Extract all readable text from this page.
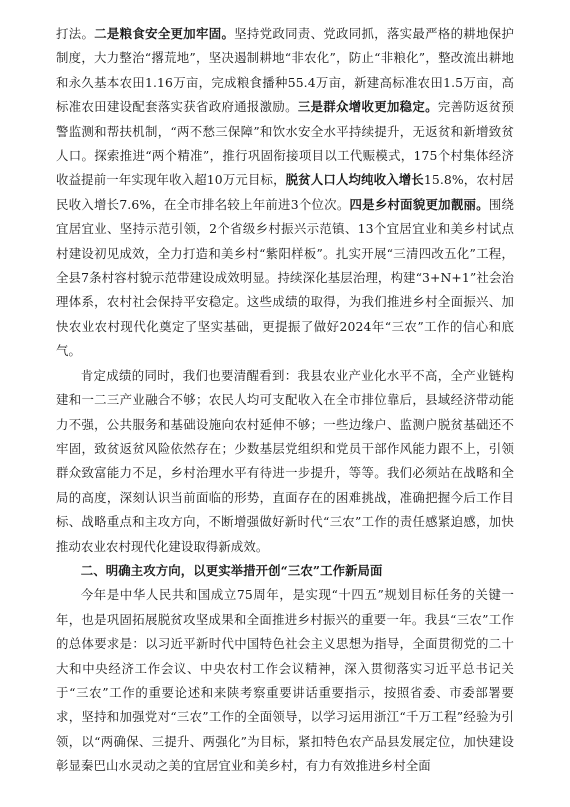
打法。二是粮食安全更加牢固。坚持党政同责、党政同抓，落实最严格的耕地保护制度，大力整治“撂荒地”，坚决遏制耕地“非农化”，防止“非粮化”，整改流出耕地和永久基本农田1.16万亩，完成粮食播种55.4万亩，新建高标准农田1.5万亩，高标准农田建设配套落实获省政府通报激励。三是群众增收更加稳定。完善防返贫预警监测和帮扶机制，“两不愁三保障”和饮水安全水平持续提升，无返贫和新增致贫人口。探索推进“两个精准”，推行巩固衔接项目以工代赈模式，175个村集体经济收益提前一年实现年收入超10万元目标，脱贫人口人均纯收入增长15.8%，农村居民收入增长7.6%，在全市排名较上年前进3个位次。四是乡村面貌更加靓丽。围绕宜居宜业、坚持示范引领，2个省级乡村振兴示范镇、13个宜居宜业和美乡村试点村建设初见成效，全力打造和美乡村“紫阳样板”。扎实开展“三清四改五化”工程，全县7条村容村貌示范带建设成效明显。持续深化基层治理，构建“3+N+1”社会治理体系，农村社会保持平安稳定。这些成绩的取得，为我们推进乡村全面振兴、加快农业农村现代化奠定了坚实基础，更提振了做好2024年“三农”工作的信心和底气。

肯定成绩的同时，我们也要清醒看到：我县农业产业化水平不高，全产业链构建和一二三产业融合不够；农民人均可支配收入在全市排位靠后，县域经济带动能力不强，公共服务和基础设施向农村延伸不够；一些边缘户、监测户脱贫基础还不牢固，致贫返贫风险依然存在；少数基层党组织和党员干部作风能力跟不上，引领群众致富能力不足，乡村治理水平有待进一步提升，等等。我们必须站在战略和全局的高度，深刻认识当前面临的形势，直面存在的困难挑战，准确把握今后工作目标、战略重点和主攻方向，不断增强做好新时代“三农”工作的责任感紧迫感，加快推动农业农村现代化建设取得新成效。

二、明确主攻方向，以更实举措开创“三农”工作新局面

今年是中华人民共和国成立75周年，是实现“十四五”规划目标任务的关键一年，也是巩固拓展脱贫攻坚成果和全面推进乡村振兴的重要一年。我县“三农”工作的总体要求是：以习近平新时代中国特色社会主义思想为指导，全面贯彻党的二十大和中央经济工作会议、中央农村工作会议精神，深入贯彻落实习近平总书记关于“三农”工作的重要论述和来陕考察重要讲话重要指示，按照省委、市委部署要求，坚持和加强党对“三农”工作的全面领导，以学习运用浙江“千万工程”经验为引领，以“两确保、三提升、两强化”为目标，紧扣特色农产品县发展定位，加快建设彰显秦巴山水灵动之美的宜居宜业和美乡村，有力有效推进乡村全面
